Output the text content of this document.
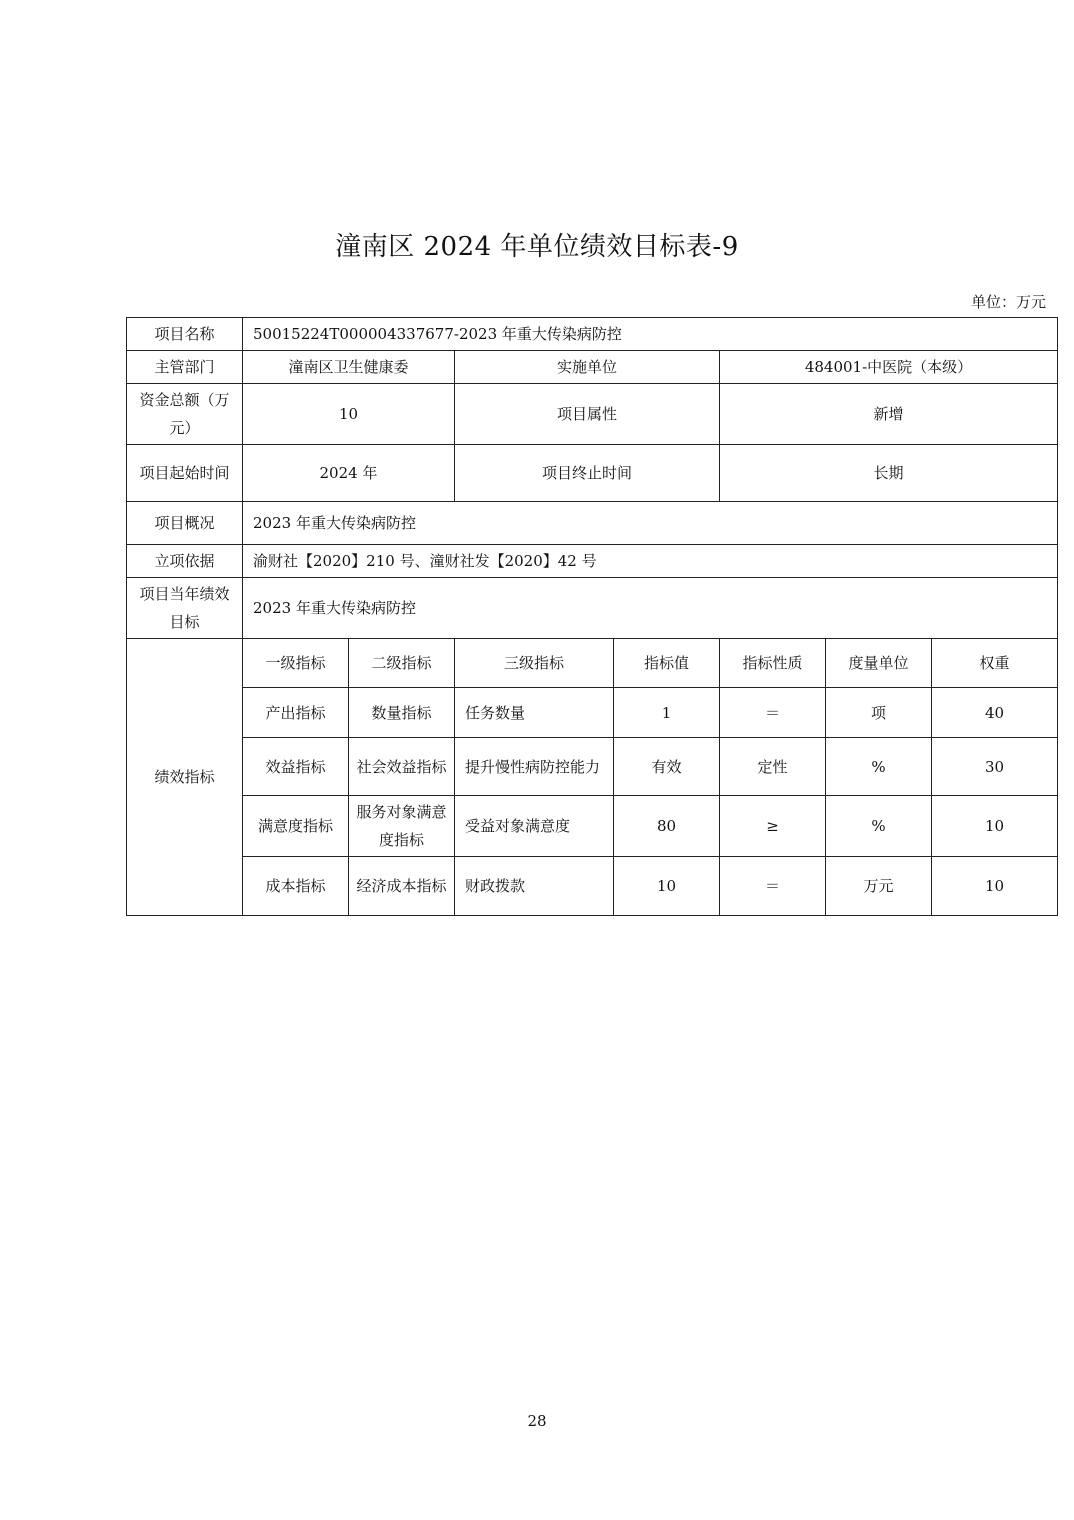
潼南区 2024 年单位绩效目标表-9
单位：万元
项目名称	50015224T000004337677-2023 年重大传染病防控						
主管部门	潼南区卫生健康委		实施单位		484001-中医院（本级）		
资金总额（万元）	10		项目属性		新增		
项目起始时间	2024 年		项目终止时间		长期		
项目概况	2023 年重大传染病防控						
立项依据	渝财社【2020】210 号、潼财社发【2020】42 号						
项目当年绩效目标	2023 年重大传染病防控						
绩效指标	一级指标	二级指标	三级指标	指标值	指标性质	度量单位	权重
	产出指标	数量指标	任务数量	1	＝	项	40
	效益指标	社会效益指标	提升慢性病防控能力	有效	定性	%	30
	满意度指标	服务对象满意度指标	受益对象满意度	80	≥	%	10
	成本指标	经济成本指标	财政拨款	10	＝	万元	10
28
